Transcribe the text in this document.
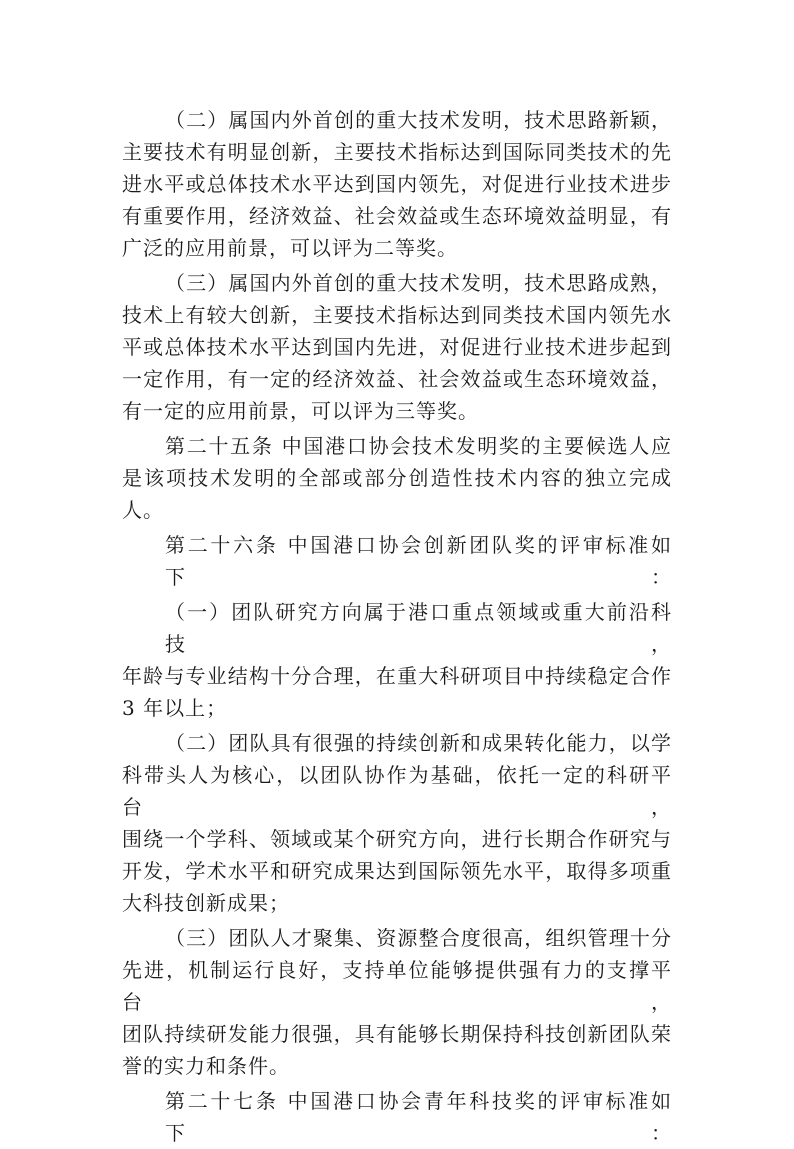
（二）属国内外首创的重大技术发明，技术思路新颖，
主要技术有明显创新，主要技术指标达到国际同类技术的先
进水平或总体技术水平达到国内领先，对促进行业技术进步
有重要作用，经济效益、社会效益或生态环境效益明显，有
广泛的应用前景，可以评为二等奖。
（三）属国内外首创的重大技术发明，技术思路成熟，
技术上有较大创新，主要技术指标达到同类技术国内领先水
平或总体技术水平达到国内先进，对促进行业技术进步起到
一定作用，有一定的经济效益、社会效益或生态环境效益，
有一定的应用前景，可以评为三等奖。
第二十五条 中国港口协会技术发明奖的主要候选人应
是该项技术发明的全部或部分创造性技术内容的独立完成
人。
第二十六条 中国港口协会创新团队奖的评审标准如下：
（一）团队研究方向属于港口重点领域或重大前沿科技，
年龄与专业结构十分合理，在重大科研项目中持续稳定合作
3 年以上；
（二）团队具有很强的持续创新和成果转化能力，以学
科带头人为核心，以团队协作为基础，依托一定的科研平台，
围绕一个学科、领域或某个研究方向，进行长期合作研究与
开发，学术水平和研究成果达到国际领先水平，取得多项重
大科技创新成果；
（三）团队人才聚集、资源整合度很高，组织管理十分
先进，机制运行良好，支持单位能够提供强有力的支撑平台，
团队持续研发能力很强，具有能够长期保持科技创新团队荣
誉的实力和条件。
第二十七条 中国港口协会青年科技奖的评审标准如下：
